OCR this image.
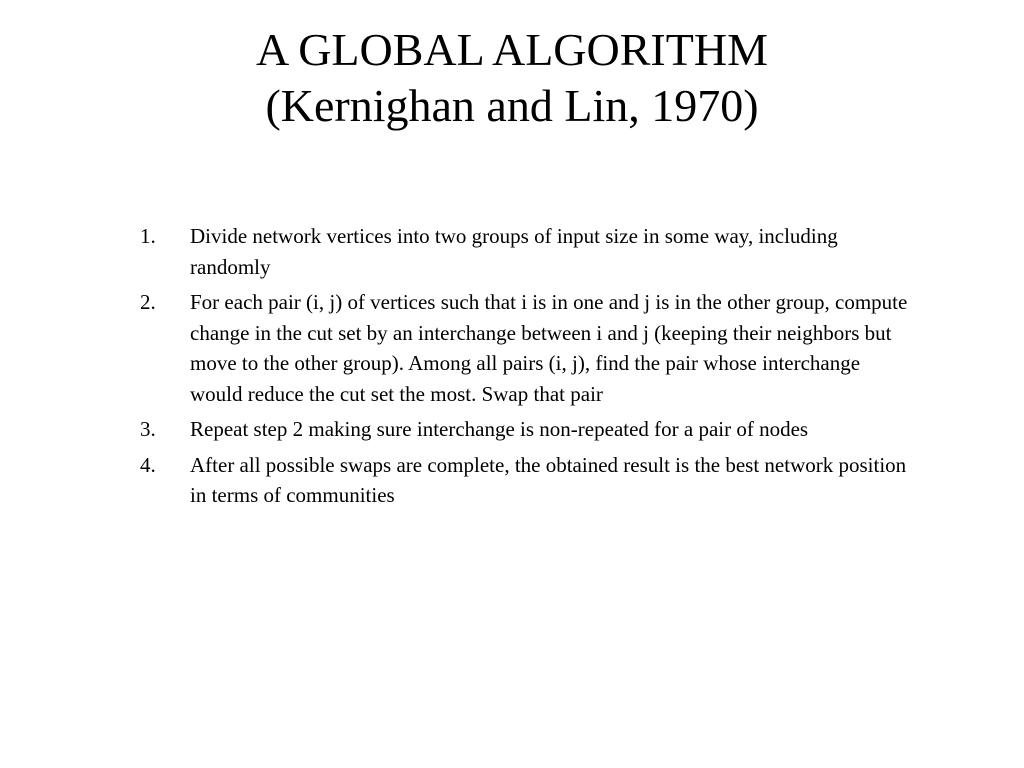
A GLOBAL ALGORITHM
(Kernighan and Lin, 1970)
1. Divide network vertices into two groups of input size in some way, including randomly
2. For each pair (i, j) of vertices such that i is in one and j is in the other group, compute change in the cut set by an interchange between i and j (keeping their neighbors but move to the other group). Among all pairs (i, j), find the pair whose interchange would reduce the cut set the most. Swap that pair
3. Repeat step 2 making sure interchange is non-repeated for a pair of nodes
4. After all possible swaps are complete, the obtained result is the best network position in terms of communities
